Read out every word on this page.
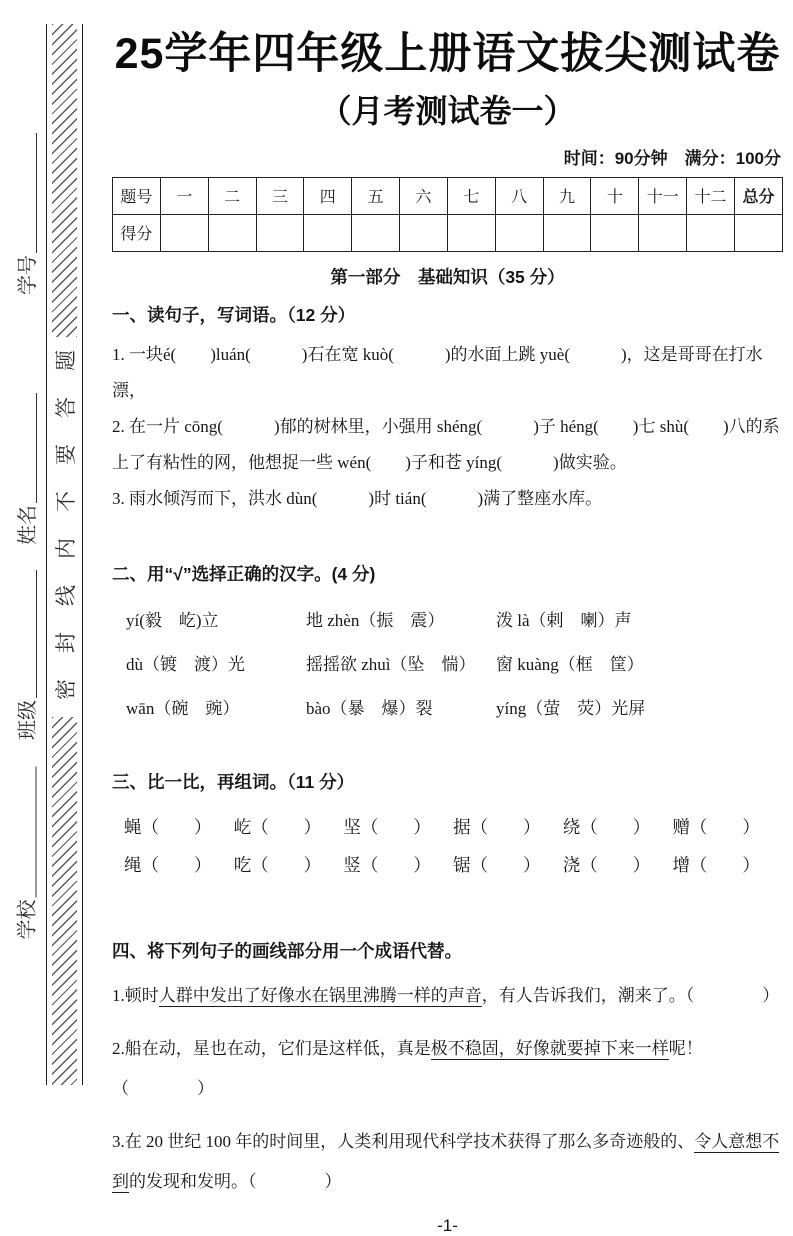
题
答
要
不
内
线
封
密
学号
姓名
班级
学校
25学年四年级上册语文拔尖测试卷
（月考测试卷一）
时间：90分钟　满分：100分
题号	一	二	三	四	五	六	七	八	九	十	十一	十二	总分
得分													
第一部分　基础知识（35 分）
一、读句子，写词语。（12 分）
1. 一块é(　　)luán(　　　)石在宽 kuò(　　　)的水面上跳 yuè(　　　)，这是哥哥在打水漂，
2. 在一片 cōng(　　　)郁的树林里，小强用 shéng(　　　)子 héng(　　)七 shù(　　)八的系上了有粘性的网，他想捉一些 wén(　　)子和苍 yíng(　　　)做实验。
3. 雨水倾泻而下，洪水 dùn(　　　)时 tián(　　　)满了整座水库。
二、用“√”选择正确的汉字。(4 分)
yí(毅　屹)立	地 zhèn（振　震）	泼 là（剌　喇）声
dù（镀　渡）光	摇摇欲 zhuì（坠　惴）	窗 kuàng（框　筐）
wān（碗　豌）	bào（暴　爆）裂	yíng（萤　荧）光屏
三、比一比，再组词。（11 分）
蝇（　　） 屹（　　） 坚（　　） 据（　　） 绕（　　） 赠（　　）
绳（　　） 吃（　　） 竖（　　） 锯（　　） 浇（　　） 增（　　）
四、将下列句子的画线部分用一个成语代替。
1.顿时人群中发出了好像水在锅里沸腾一样的声音，有人告诉我们，潮来了。（　　　　）
2.船在动，星也在动，它们是这样低，真是极不稳固，好像就要掉下来一样呢！（　　　　）
3.在 20 世纪 100 年的时间里，人类利用现代科学技术获得了那么多奇迹般的、令人意想不到的发现和发明。（　　　　）
-1-
